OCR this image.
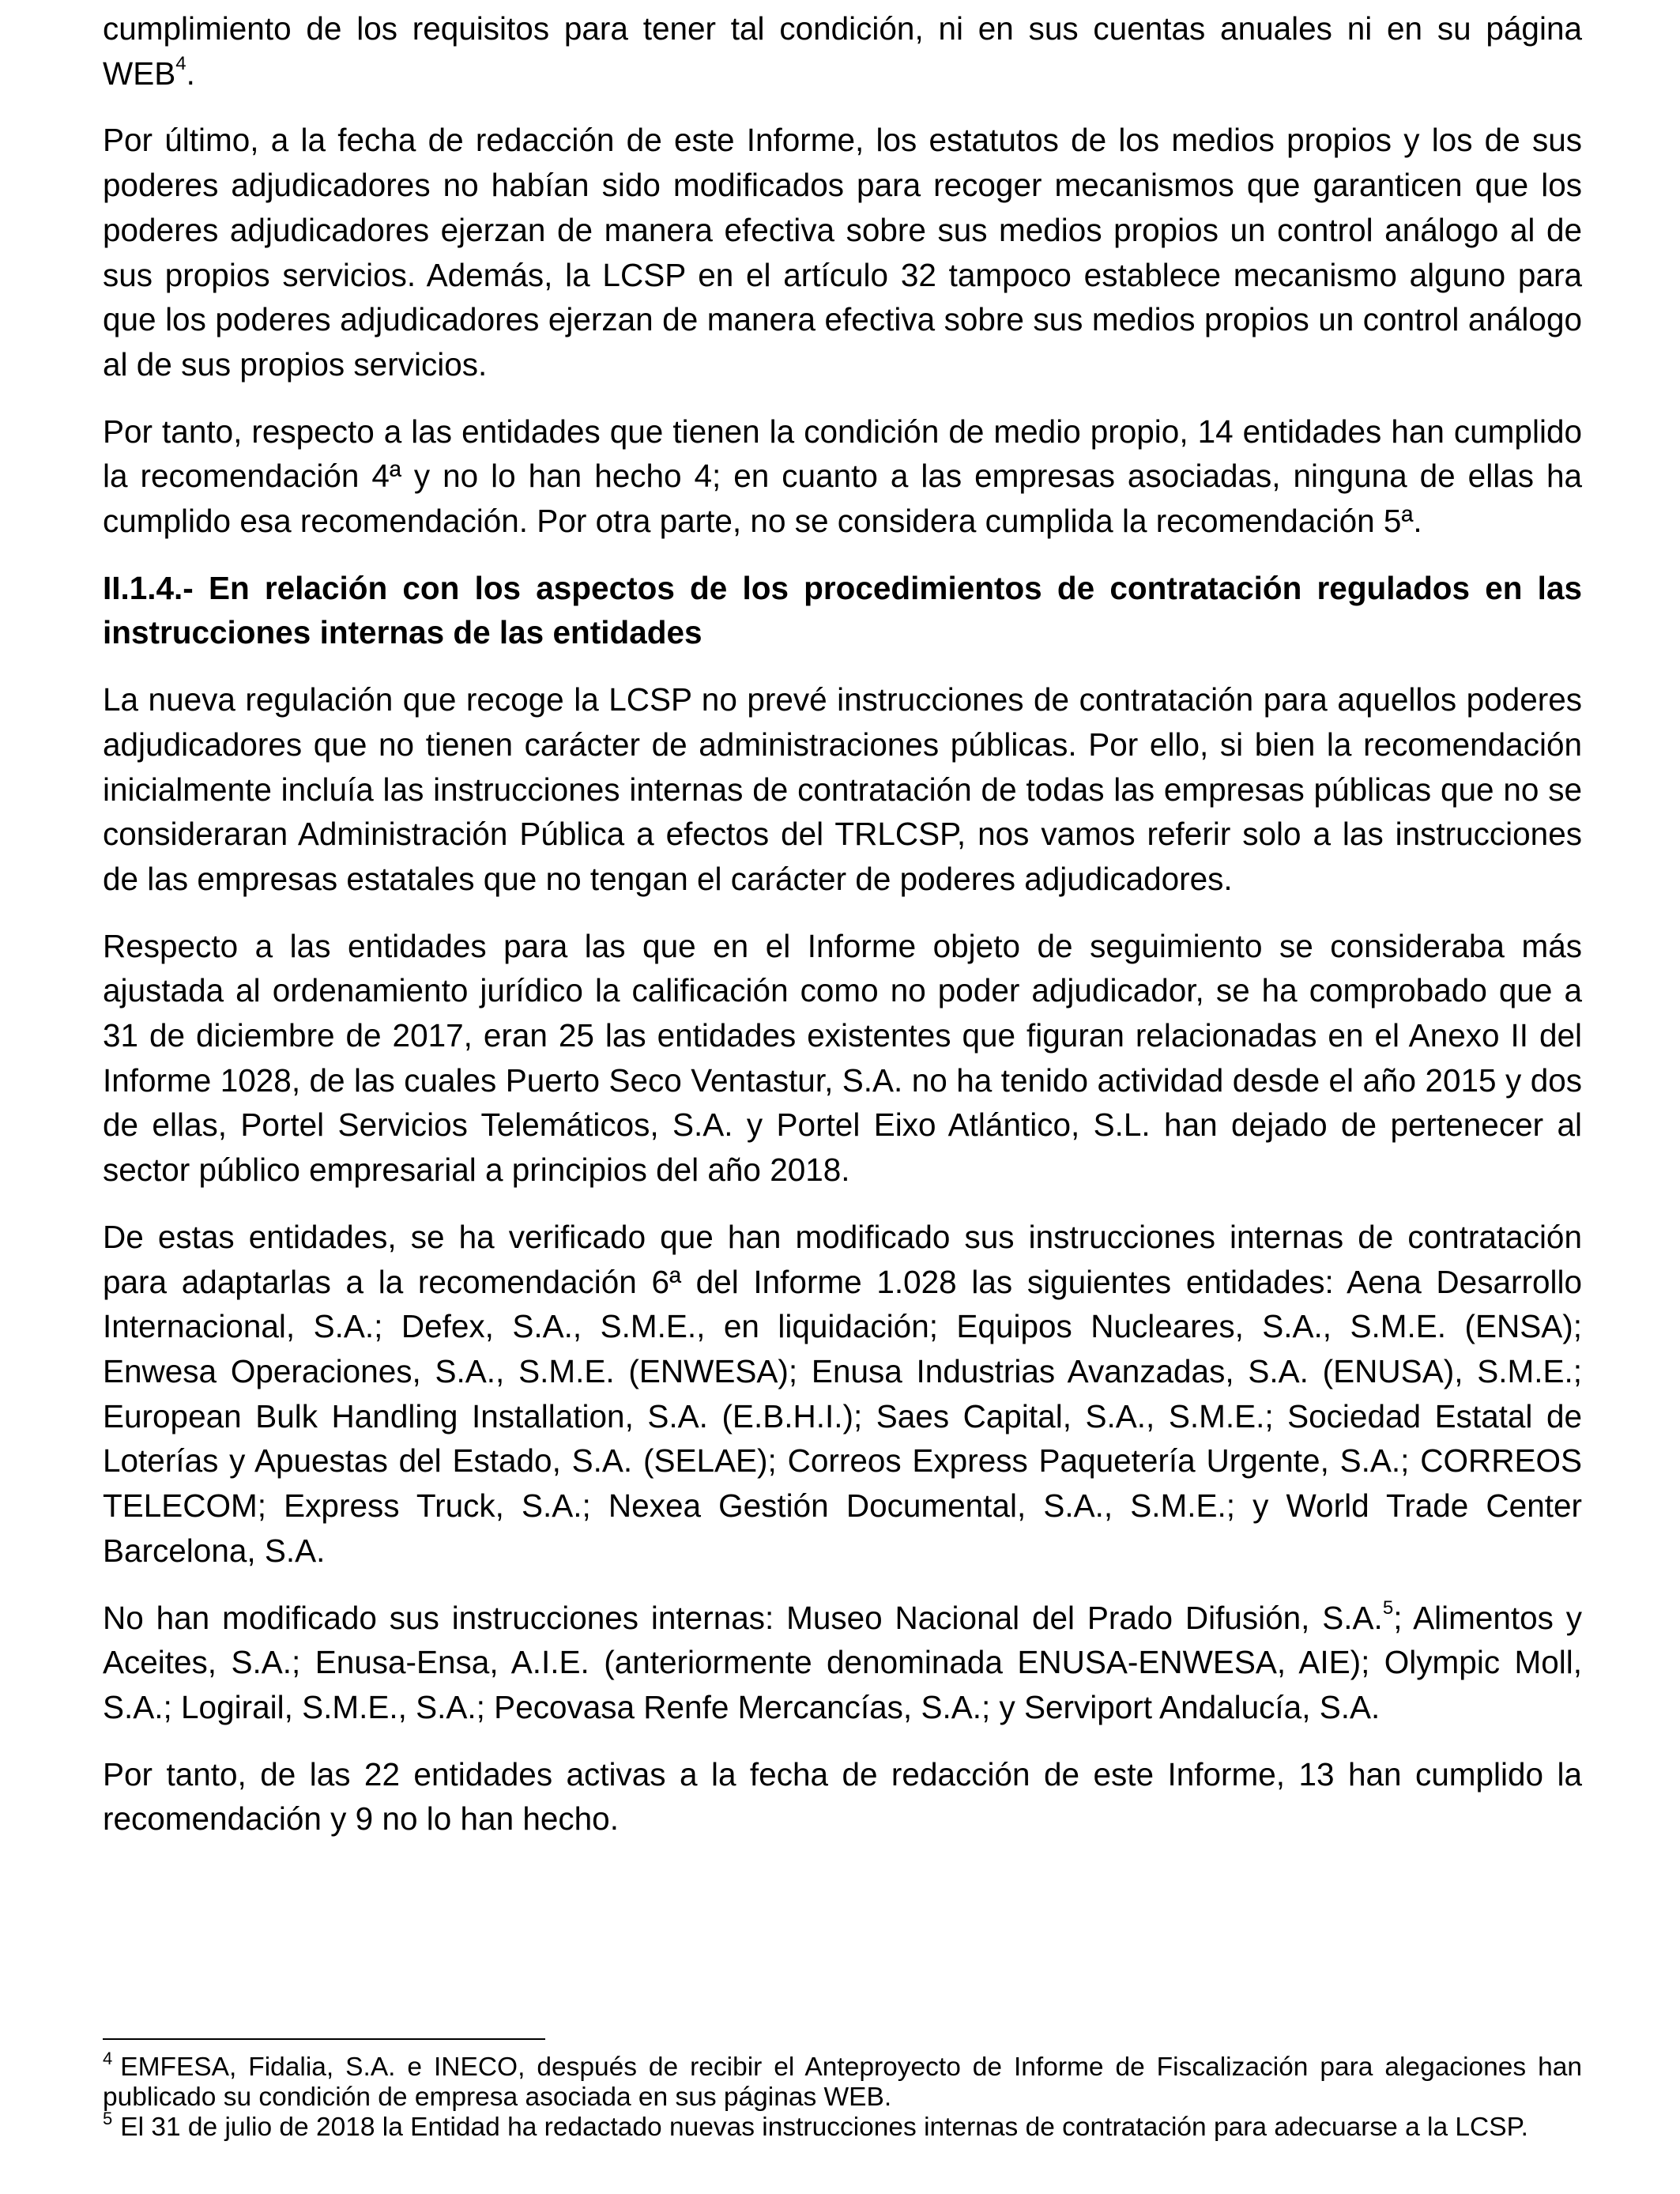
cumplimiento de los requisitos para tener tal condición, ni en sus cuentas anuales ni en su página WEB$^4$.

Por último, a la fecha de redacción de este Informe, los estatutos de los medios propios y los de sus poderes adjudicadores no habían sido modificados para recoger mecanismos que garanticen que los poderes adjudicadores ejerzan de manera efectiva sobre sus medios propios un control análogo al de sus propios servicios. Además, la LCSP en el artículo 32 tampoco establece mecanismo alguno para que los poderes adjudicadores ejerzan de manera efectiva sobre sus medios propios un control análogo al de sus propios servicios.

Por tanto, respecto a las entidades que tienen la condición de medio propio, 14 entidades han cumplido la recomendación 4ª y no lo han hecho 4; en cuanto a las empresas asociadas, ninguna de ellas ha cumplido esa recomendación. Por otra parte, no se considera cumplida la recomendación 5ª.

II.1.4.- En relación con los aspectos de los procedimientos de contratación regulados en las instrucciones internas de las entidades

La nueva regulación que recoge la LCSP no prevé instrucciones de contratación para aquellos poderes adjudicadores que no tienen carácter de administraciones públicas. Por ello, si bien la recomendación inicialmente incluía las instrucciones internas de contratación de todas las empresas públicas que no se consideraran Administración Pública a efectos del TRLCSP, nos vamos referir solo a las instrucciones de las empresas estatales que no tengan el carácter de poderes adjudicadores.

Respecto a las entidades para las que en el Informe objeto de seguimiento se consideraba más ajustada al ordenamiento jurídico la calificación como no poder adjudicador, se ha comprobado que a 31 de diciembre de 2017, eran 25 las entidades existentes que figuran relacionadas en el Anexo II del Informe 1028, de las cuales Puerto Seco Ventastur, S.A. no ha tenido actividad desde el año 2015 y dos de ellas, Portel Servicios Telemáticos, S.A. y Portel Eixo Atlántico, S.L. han dejado de pertenecer al sector público empresarial a principios del año 2018.

De estas entidades, se ha verificado que han modificado sus instrucciones internas de contratación para adaptarlas a la recomendación 6ª del Informe 1.028 las siguientes entidades: Aena Desarrollo Internacional, S.A.; Defex, S.A., S.M.E., en liquidación; Equipos Nucleares, S.A., S.M.E. (ENSA); Enwesa Operaciones, S.A., S.M.E. (ENWESA); Enusa Industrias Avanzadas, S.A. (ENUSA), S.M.E.; European Bulk Handling Installation, S.A. (E.B.H.I.); Saes Capital, S.A., S.M.E.; Sociedad Estatal de Loterías y Apuestas del Estado, S.A. (SELAE); Correos Express Paquetería Urgente, S.A.; CORREOS TELECOM; Express Truck, S.A.; Nexea Gestión Documental, S.A., S.M.E.; y World Trade Center Barcelona, S.A.

No han modificado sus instrucciones internas: Museo Nacional del Prado Difusión, S.A.$^5$; Alimentos y Aceites, S.A.; Enusa-Ensa, A.I.E. (anteriormente denominada ENUSA-ENWESA, AIE); Olympic Moll, S.A.; Logirail, S.M.E., S.A.; Pecovasa Renfe Mercancías, S.A.; y Serviport Andalucía, S.A.

Por tanto, de las 22 entidades activas a la fecha de redacción de este Informe, 13 han cumplido la recomendación y 9 no lo han hecho.

$^4$ EMFESA, Fidalia, S.A. e INECO, después de recibir el Anteproyecto de Informe de Fiscalización para alegaciones han publicado su condición de empresa asociada en sus páginas WEB.

$^5$ El 31 de julio de 2018 la Entidad ha redactado nuevas instrucciones internas de contratación para adecuarse a la LCSP.
